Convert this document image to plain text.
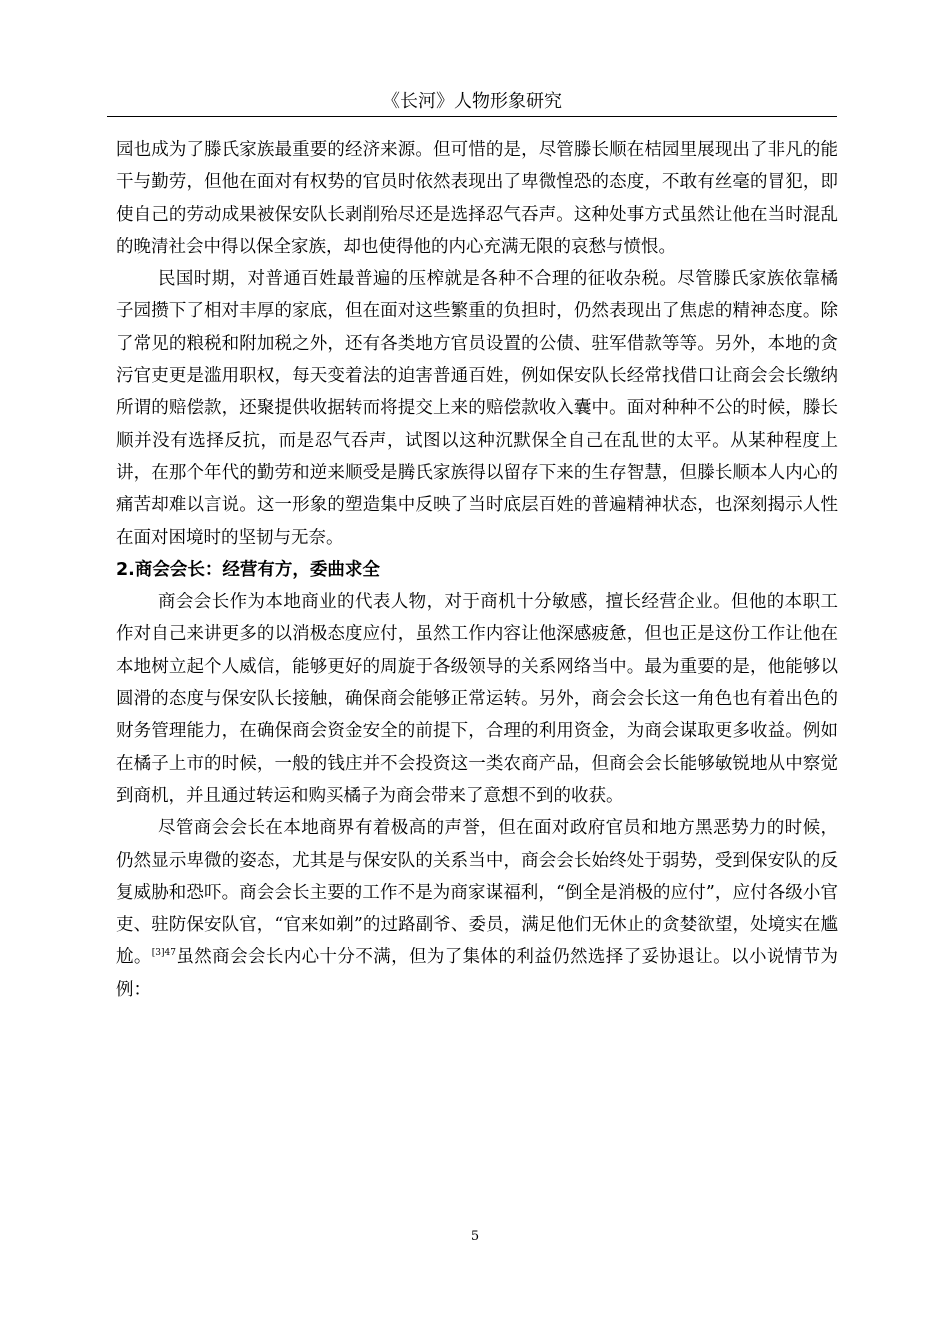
《长河》人物形象研究

园也成为了滕氏家族最重要的经济来源。但可惜的是，尽管滕长顺在桔园里展现出了非凡的能干与勤劳，但他在面对有权势的官员时依然表现出了卑微惶恐的态度，不敢有丝毫的冒犯，即使自己的劳动成果被保安队长剥削殆尽还是选择忍气吞声。这种处事方式虽然让他在当时混乱的晚清社会中得以保全家族，却也使得他的内心充满无限的哀愁与愤恨。

民国时期，对普通百姓最普遍的压榨就是各种不合理的征收杂税。尽管滕氏家族依靠橘子园攒下了相对丰厚的家底，但在面对这些繁重的负担时，仍然表现出了焦虑的精神态度。除了常见的粮税和附加税之外，还有各类地方官员设置的公债、驻军借款等等。另外，本地的贪污官吏更是滥用职权，每天变着法的迫害普通百姓，例如保安队长经常找借口让商会会长缴纳所谓的赔偿款，还聚提供收据转而将提交上来的赔偿款收入囊中。面对种种不公的时候，滕长顺并没有选择反抗，而是忍气吞声，试图以这种沉默保全自己在乱世的太平。从某种程度上讲，在那个年代的勤劳和逆来顺受是腾氏家族得以留存下来的生存智慧，但滕长顺本人内心的痛苦却难以言说。这一形象的塑造集中反映了当时底层百姓的普遍精神状态，也深刻揭示人性在面对困境时的坚韧与无奈。

2.商会会长：经营有方，委曲求全

商会会长作为本地商业的代表人物，对于商机十分敏感，擅长经营企业。但他的本职工作对自己来讲更多的以消极态度应付，虽然工作内容让他深感疲惫，但也正是这份工作让他在本地树立起个人威信，能够更好的周旋于各级领导的关系网络当中。最为重要的是，他能够以圆滑的态度与保安队长接触，确保商会能够正常运转。另外，商会会长这一角色也有着出色的财务管理能力，在确保商会资金安全的前提下，合理的利用资金，为商会谋取更多收益。例如在橘子上市的时候，一般的钱庄并不会投资这一类农商产品，但商会会长能够敏锐地从中察觉到商机，并且通过转运和购买橘子为商会带来了意想不到的收获。

尽管商会会长在本地商界有着极高的声誉，但在面对政府官员和地方黑恶势力的时候，仍然显示卑微的姿态，尤其是与保安队的关系当中，商会会长始终处于弱势，受到保安队的反复威胁和恐吓。商会会长主要的工作不是为商家谋福利，“倒全是消极的应付”，应付各级小官吏、驻防保安队官，“官来如剃”的过路副爷、委员，满足他们无休止的贪婪欲望，处境实在尴尬。$^{[3]47}$虽然商会会长内心十分不满，但为了集体的利益仍然选择了妥协退让。以小说情节为例：

5
